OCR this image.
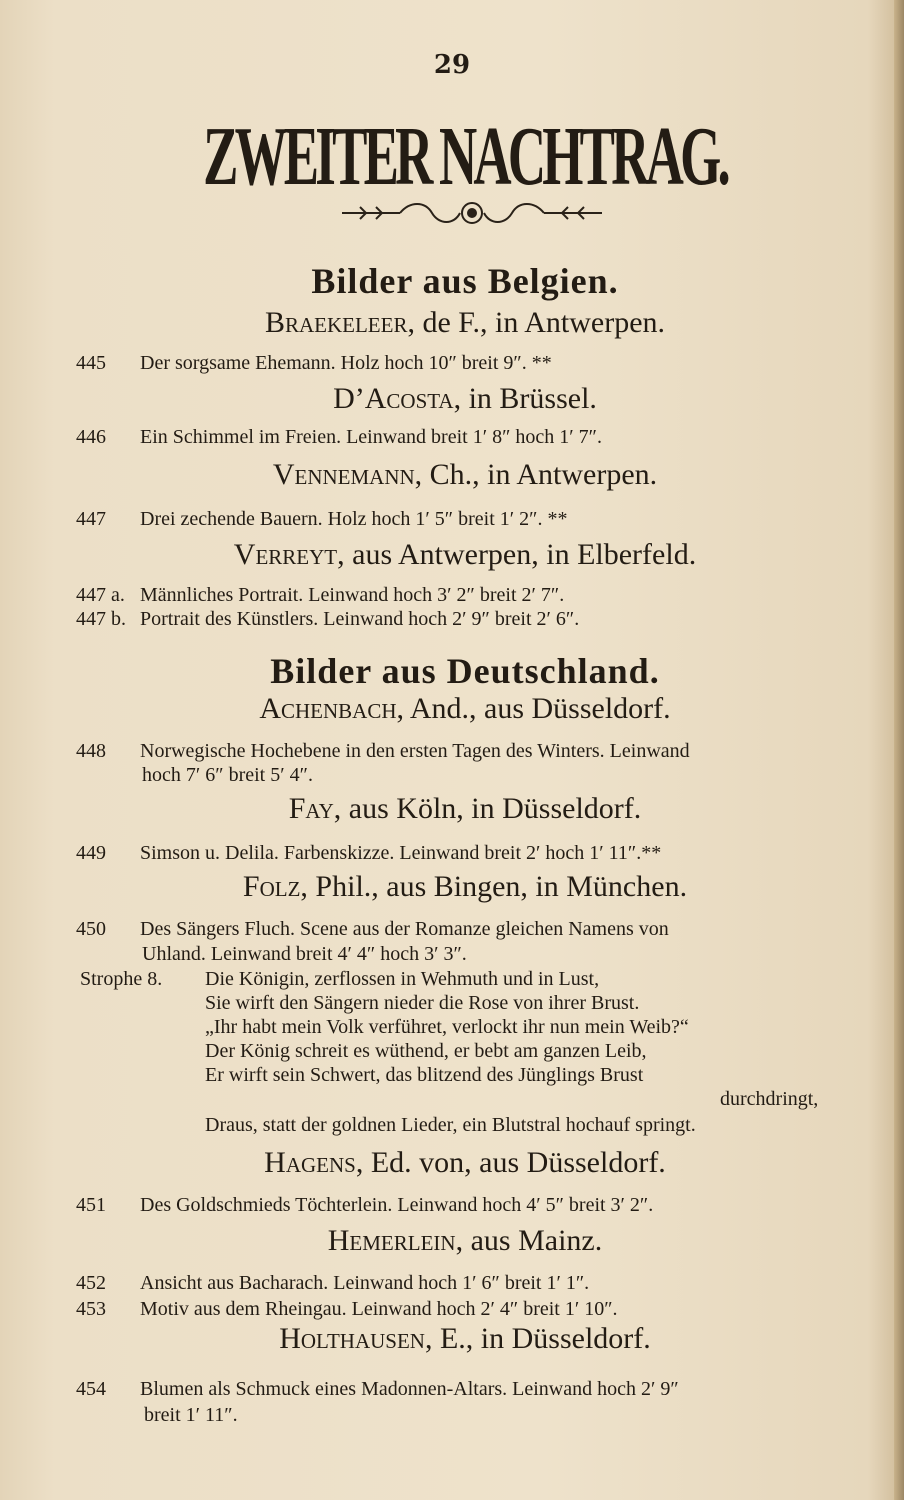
29
ZWEITER NACHTRAG.
Bilder aus Belgien.
Braekeleer, de F., in Antwerpen.
445 Der sorgsame Ehemann. Holz hoch 10″ breit 9″. **
D’Acosta, in Brüssel.
446 Ein Schimmel im Freien. Leinwand breit 1′ 8″ hoch 1′ 7″.
Vennemann, Ch., in Antwerpen.
447 Drei zechende Bauern. Holz hoch 1′ 5″ breit 1′ 2″. **
Verreyt, aus Antwerpen, in Elberfeld.
447 a. Männliches Portrait. Leinwand hoch 3′ 2″ breit 2′ 7″.
447 b. Portrait des Künstlers. Leinwand hoch 2′ 9″ breit 2′ 6″.
Bilder aus Deutschland.
Achenbach, And., aus Düsseldorf.
448 Norwegische Hochebene in den ersten Tagen des Winters. Leinwand
hoch 7′ 6″ breit 5′ 4″.
Fay, aus Köln, in Düsseldorf.
449 Simson u. Delila. Farbenskizze. Leinwand breit 2′ hoch 1′ 11″.**
Folz, Phil., aus Bingen, in München.
450 Des Sängers Fluch. Scene aus der Romanze gleichen Namens von
Uhland. Leinwand breit 4′ 4″ hoch 3′ 3″.
Strophe 8. Die Königin, zerflossen in Wehmuth und in Lust,
Sie wirft den Sängern nieder die Rose von ihrer Brust.
„Ihr habt mein Volk verführet, verlockt ihr nun mein Weib?“
Der König schreit es wüthend, er bebt am ganzen Leib,
Er wirft sein Schwert, das blitzend des Jünglings Brust
durchdringt,
Draus, statt der goldnen Lieder, ein Blutstral hochauf springt.
Hagens, Ed. von, aus Düsseldorf.
451 Des Goldschmieds Töchterlein. Leinwand hoch 4′ 5″ breit 3′ 2″.
Hemerlein, aus Mainz.
452 Ansicht aus Bacharach. Leinwand hoch 1′ 6″ breit 1′ 1″.
453 Motiv aus dem Rheingau. Leinwand hoch 2′ 4″ breit 1′ 10″.
Holthausen, E., in Düsseldorf.
454 Blumen als Schmuck eines Madonnen-Altars. Leinwand hoch 2′ 9″
breit 1′ 11″.
